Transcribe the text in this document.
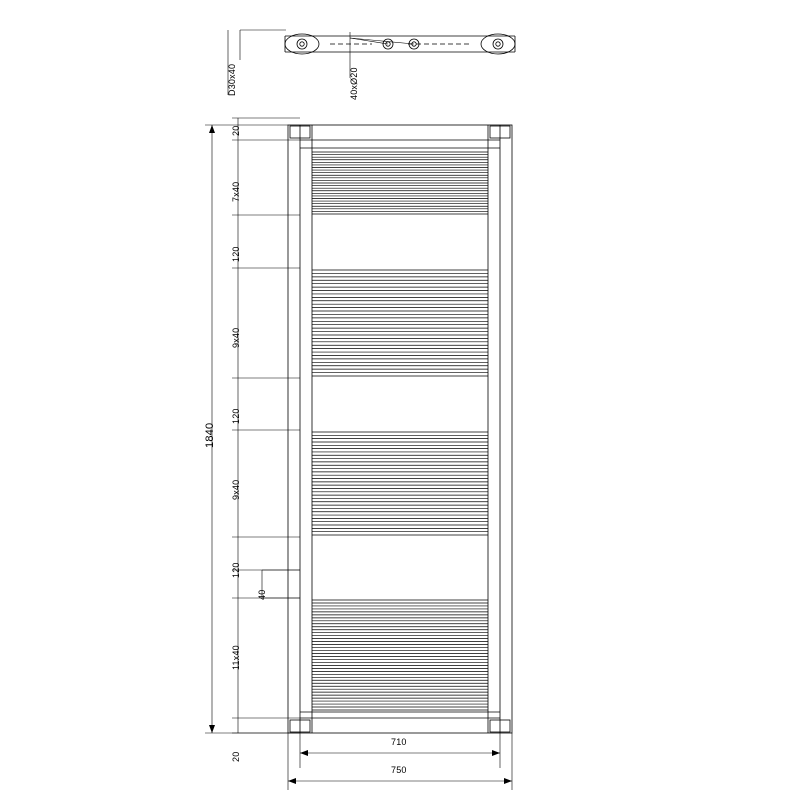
D30x40	40xØ20
20
7x40
120
9x40
120
9x40
120
40
11x40
20
1840
710
750
